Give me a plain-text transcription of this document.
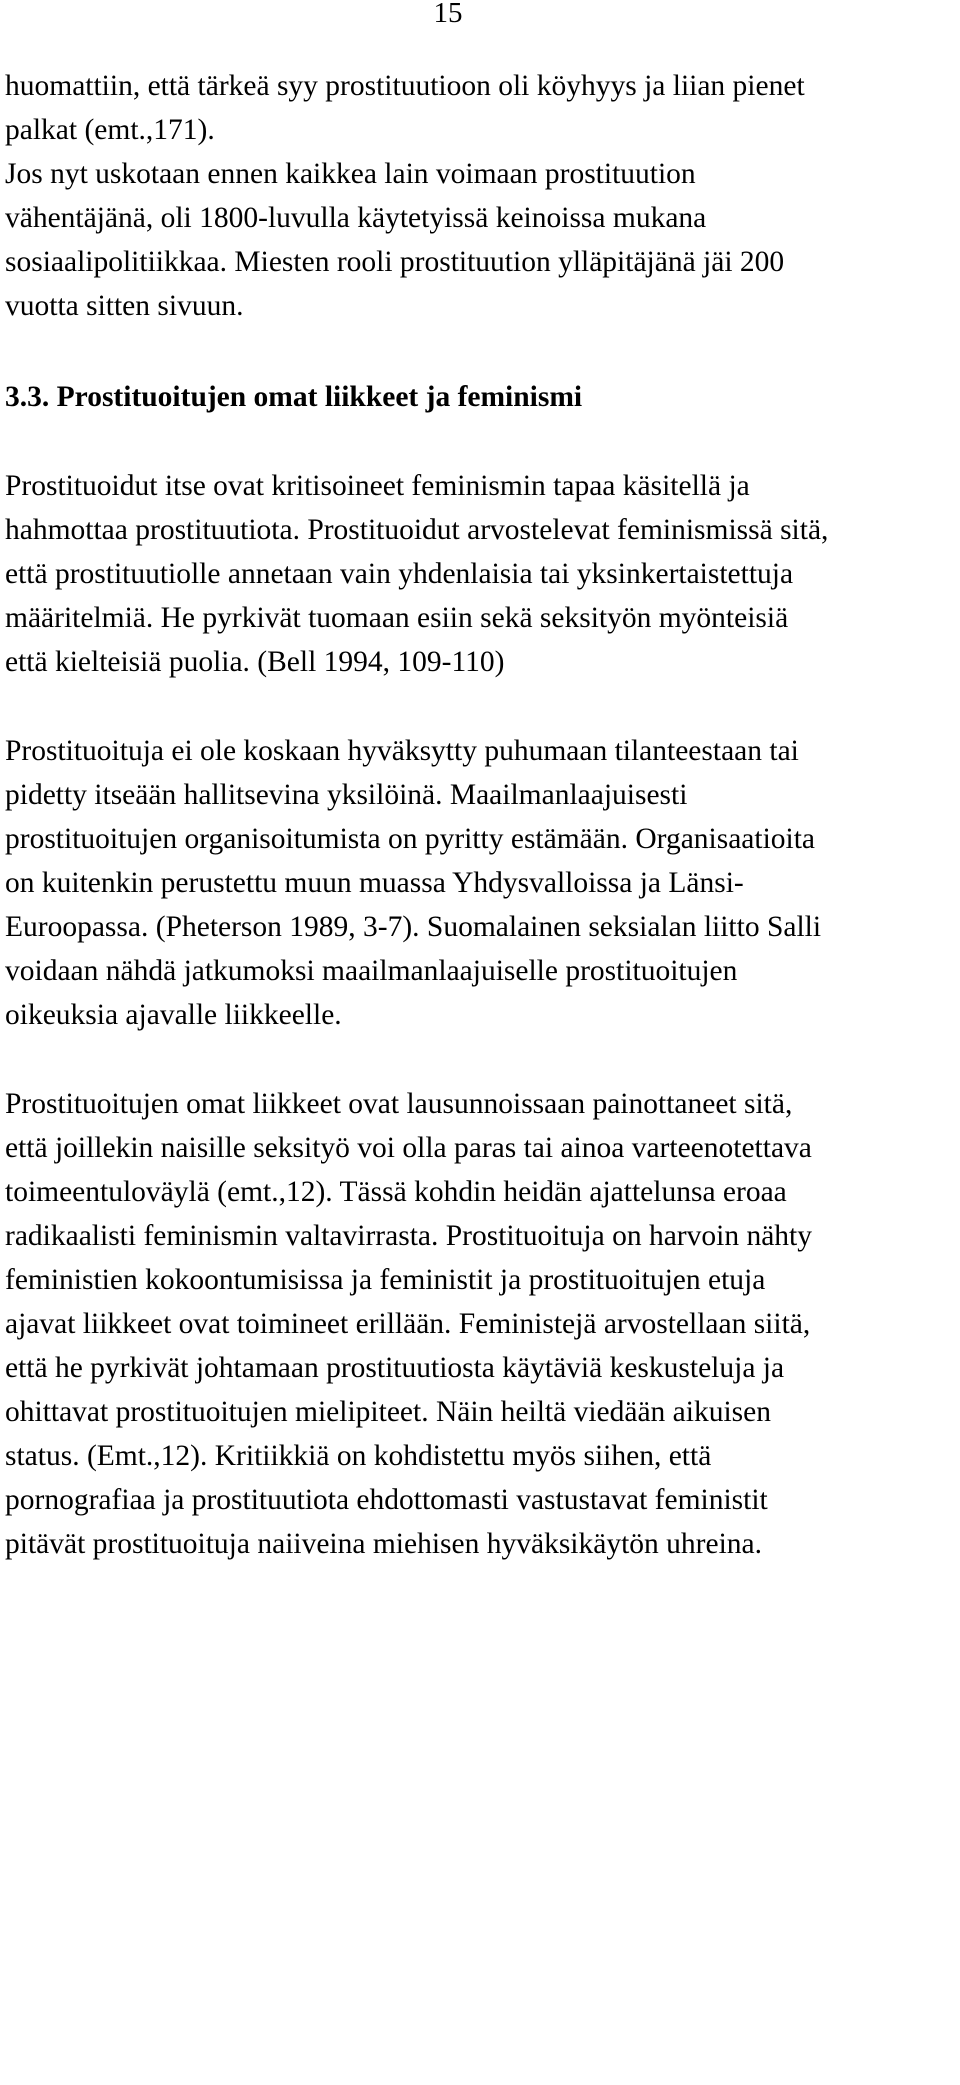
15
huomattiin, että tärkeä syy prostituutioon oli köyhyys ja liian pienet
palkat (emt.,171).
Jos nyt uskotaan ennen kaikkea lain voimaan prostituution
vähentäjänä, oli 1800-luvulla käytetyissä keinoissa mukana
sosiaalipolitiikkaa. Miesten rooli prostituution ylläpitäjänä jäi 200
vuotta sitten sivuun.
3.3. Prostituoitujen omat liikkeet ja feminismi
Prostituoidut itse ovat kritisoineet feminismin tapaa käsitellä ja
hahmottaa prostituutiota. Prostituoidut arvostelevat feminismissä sitä,
että prostituutiolle annetaan vain yhdenlaisia tai yksinkertaistettuja
määritelmiä. He pyrkivät tuomaan esiin sekä seksityön myönteisiä
että kielteisiä puolia. (Bell 1994, 109-110)
Prostituoituja ei ole koskaan hyväksytty puhumaan tilanteestaan tai
pidetty itseään hallitsevina yksilöinä. Maailmanlaajuisesti
prostituoitujen organisoitumista on pyritty estämään. Organisaatioita
on kuitenkin perustettu muun muassa Yhdysvalloissa ja Länsi-
Euroopassa. (Pheterson 1989, 3-7). Suomalainen seksialan liitto Salli
voidaan nähdä jatkumoksi maailmanlaajuiselle prostituoitujen
oikeuksia ajavalle liikkeelle.
Prostituoitujen omat liikkeet ovat lausunnoissaan painottaneet sitä,
että joillekin naisille seksityö voi olla paras tai ainoa varteenotettava
toimeentuloväylä (emt.,12). Tässä kohdin heidän ajattelunsa eroaa
radikaalisti feminismin valtavirrasta. Prostituoituja on harvoin nähty
feministien kokoontumisissa ja feministit ja prostituoitujen etuja
ajavat liikkeet ovat toimineet erillään. Feministejä arvostellaan siitä,
että he pyrkivät johtamaan prostituutiosta käytäviä keskusteluja ja
ohittavat prostituoitujen mielipiteet. Näin heiltä viedään aikuisen
status. (Emt.,12). Kritiikkiä on kohdistettu myös siihen, että
pornografiaa ja prostituutiota ehdottomasti vastustavat feministit
pitävät prostituoituja naiiveina miehisen hyväksikäytön uhreina.
